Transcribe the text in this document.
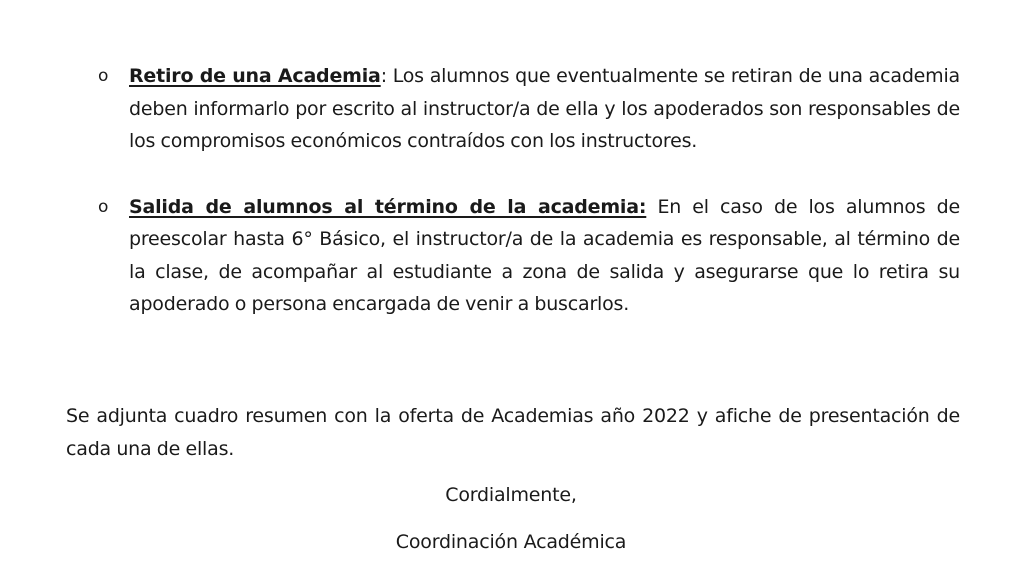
o Retiro de una Academia: Los alumnos que eventualmente se retiran de una academia deben informarlo por escrito al instructor/a de ella y los apoderados son responsables de los compromisos económicos contraídos con los instructores.
o Salida de alumnos al término de la academia: En el caso de los alumnos de preescolar hasta 6° Básico, el instructor/a de la academia es responsable, al término de la clase, de acompañar al estudiante a zona de salida y asegurarse que lo retira su apoderado o persona encargada de venir a buscarlos.

Se adjunta cuadro resumen con la oferta de Academias año 2022 y afiche de presentación de cada una de ellas.

Cordialmente,
Coordinación Académica
